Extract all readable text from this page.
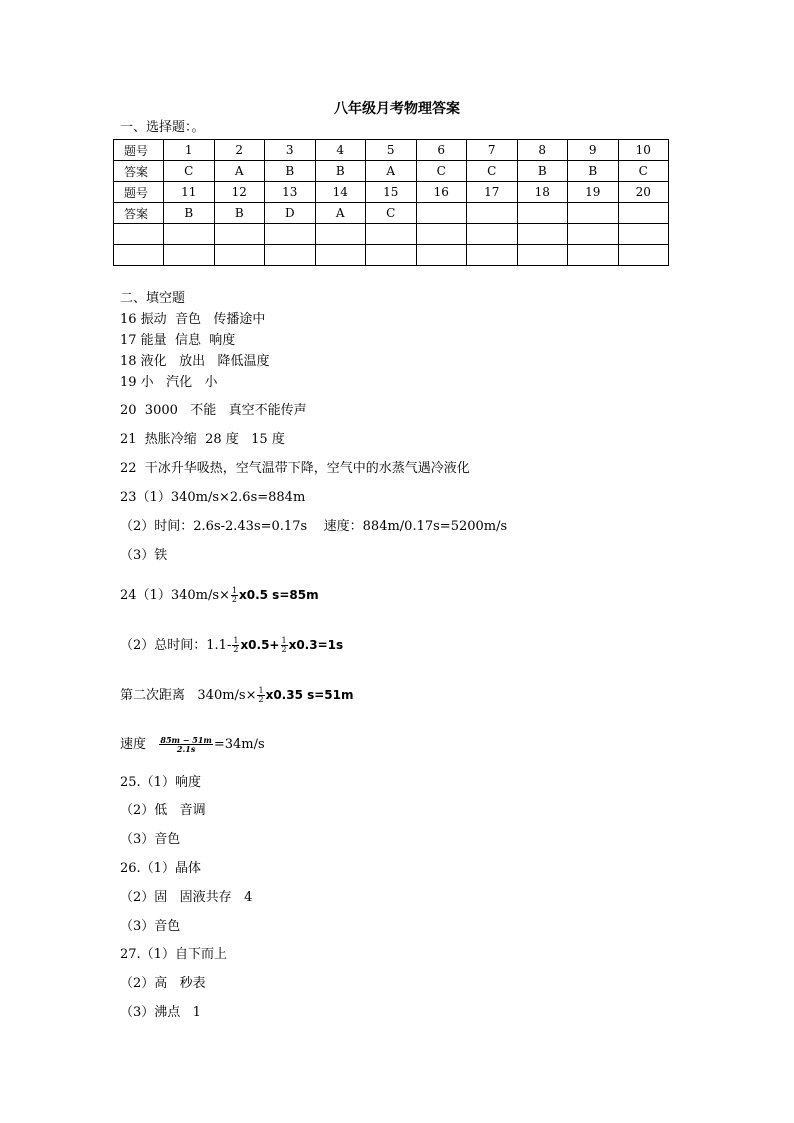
八年级月考物理答案
一、选择题：。
题号	1	2	3	4	5	6	7	8	9	10
答案	C	A	B	B	A	C	C	B	B	C
题号	11	12	13	14	15	16	17	18	19	20
答案	B	B	D	A	C					

二、填空题
16 振动  音色   传播途中
17 能量  信息  响度
18 液化   放出   降低温度
19 小   汽化   小
20  3000   不能   真空不能传声
21  热胀冷缩  28 度   15 度
22  干冰升华吸热，空气温带下降，空气中的水蒸气遇冷液化
23（1）340m/s×2.6s=884m
（2）时间：2.6s-2.43s=0.17s    速度：884m/0.17s=5200m/s
（3）铁
$24(1)340m/s\times \frac{1}{2} x0.5$ s=85m
（2）总时间：$1.1- \frac{1}{2} x0.5+ \frac{1}{2} x0.3=1s$
第二次距离   $340m/s\times \frac{1}{2} x0.35$ s=51m
速度 $\frac{85m - 51m}{2.1s} =34m/s$
25.（1）响度
（2）低   音调
（3）音色
26.（1）晶体
（2）固   固液共存   4
（3）音色
27.（1）自下而上
（2）高   秒表
（3）沸点   1
